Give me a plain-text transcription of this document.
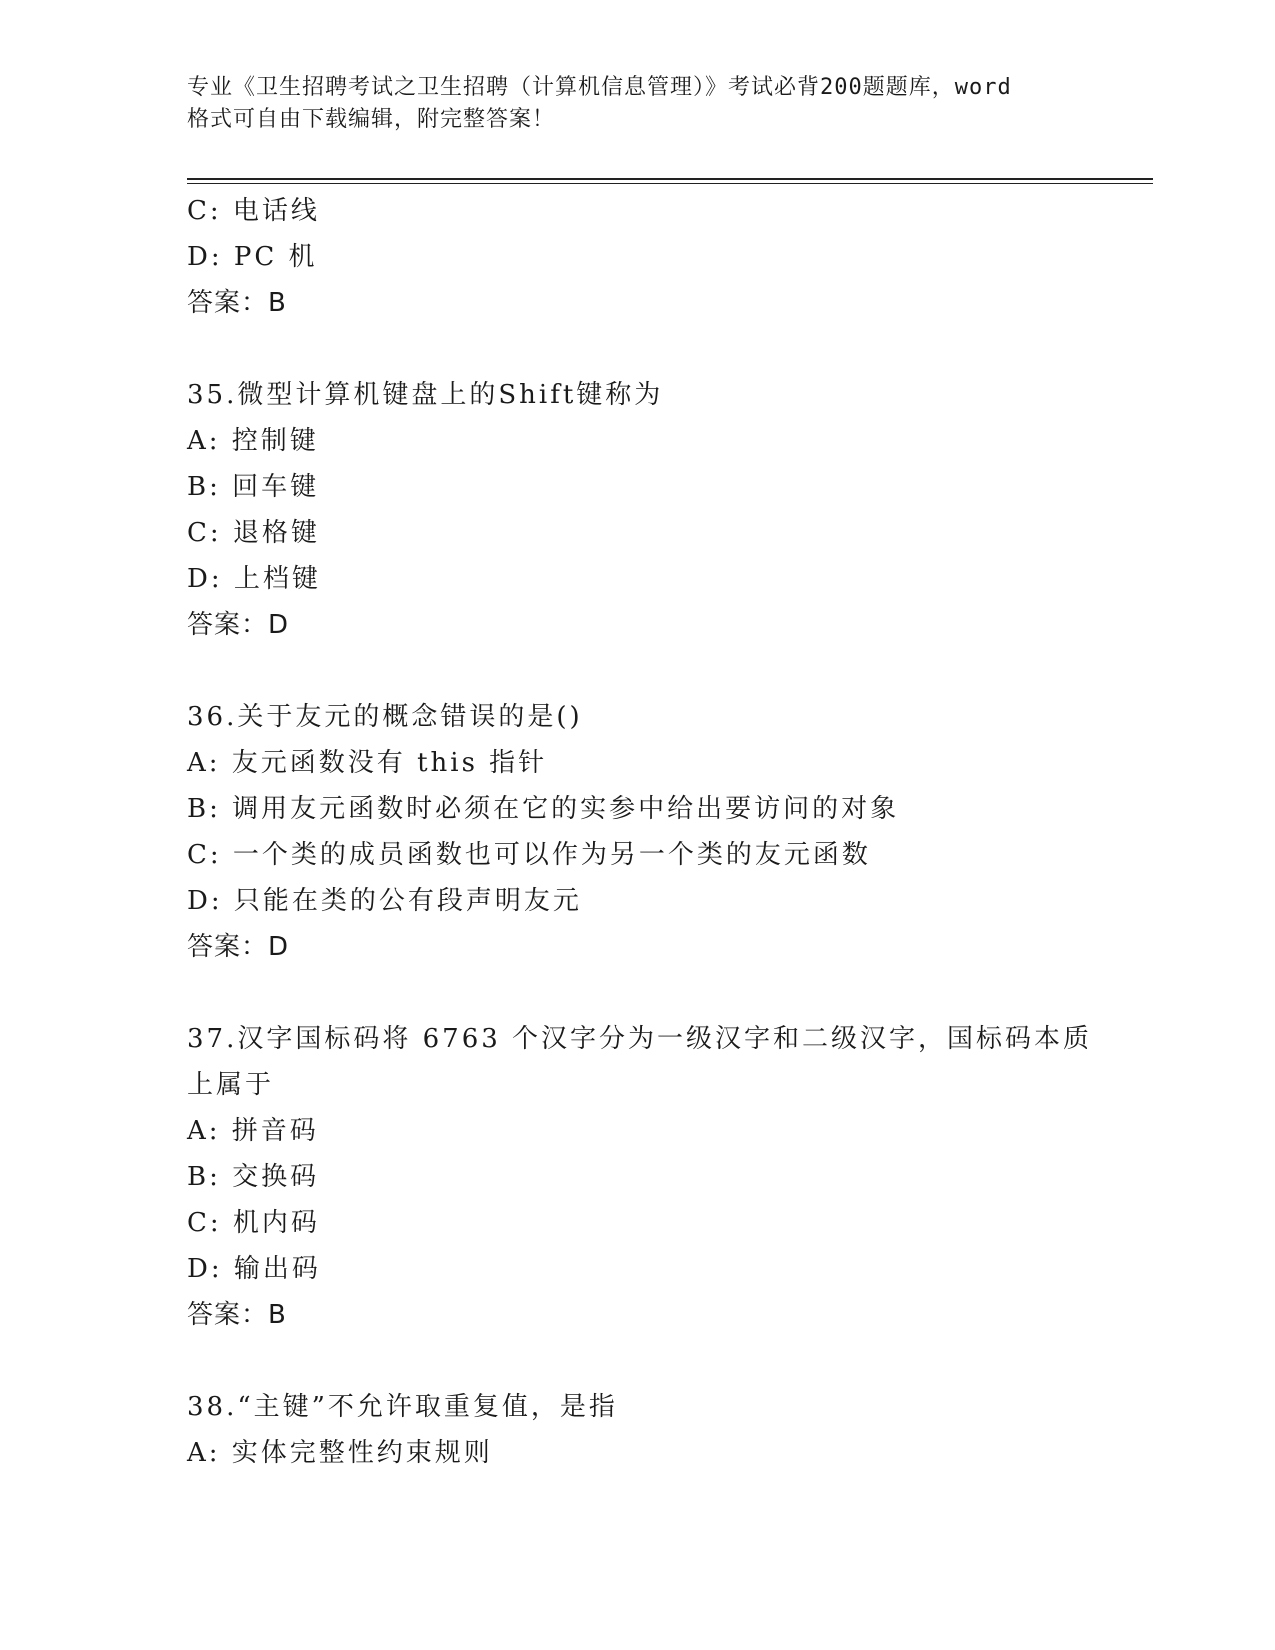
专业《卫生招聘考试之卫生招聘（计算机信息管理）》考试必背200题题库，word
格式可自由下载编辑，附完整答案！
C: 电话线
D: PC 机
答案：B
35.微型计算机键盘上的Shift键称为
A: 控制键
B: 回车键
C: 退格键
D: 上档键
答案：D
36.关于友元的概念错误的是()
A: 友元函数没有 this 指针
B: 调用友元函数时必须在它的实参中给出要访问的对象
C: 一个类的成员函数也可以作为另一个类的友元函数
D: 只能在类的公有段声明友元
答案：D
37.汉字国标码将 6763 个汉字分为一级汉字和二级汉字，国标码本质
上属于
A: 拼音码
B: 交换码
C: 机内码
D: 输出码
答案：B
38.“主键”不允许取重复值，是指
A: 实体完整性约束规则
